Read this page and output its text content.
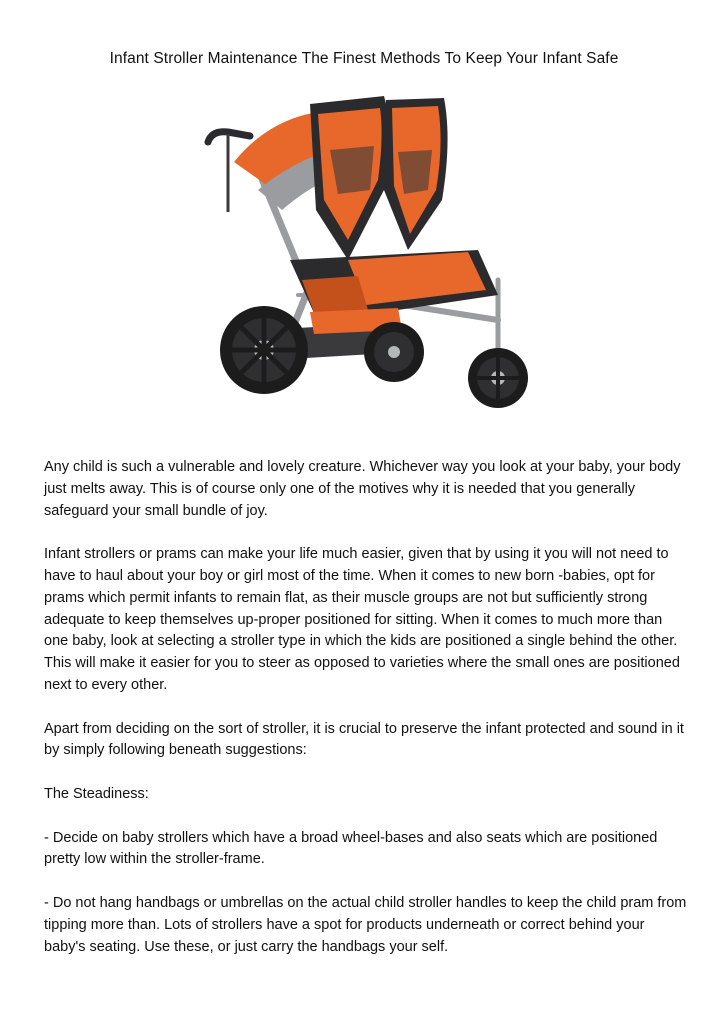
Infant Stroller Maintenance The Finest Methods To Keep Your Infant Safe

Any child is such a vulnerable and lovely creature. Whichever way you look at your baby, your body just melts away. This is of course only one of the motives why it is needed that you generally safeguard your small bundle of joy.

Infant strollers or prams can make your life much easier, given that by using it you will not need to have to haul about your boy or girl most of the time. When it comes to new born -babies, opt for prams which permit infants to remain flat, as their muscle groups are not but sufficiently strong adequate to keep themselves up-proper positioned for sitting. When it comes to much more than one baby, look at selecting a stroller type in which the kids are positioned a single behind the other. This will make it easier for you to steer as opposed to varieties where the small ones are positioned next to every other.

Apart from deciding on the sort of stroller, it is crucial to preserve the infant protected and sound in it by simply following beneath suggestions:

The Steadiness:

- Decide on baby strollers which have a broad wheel-bases and also seats which are positioned pretty low within the stroller-frame.

- Do not hang handbags or umbrellas on the actual child stroller handles to keep the child pram from tipping more than. Lots of strollers have a spot for products underneath or correct behind your baby's seating. Use these, or just carry the handbags your self.
